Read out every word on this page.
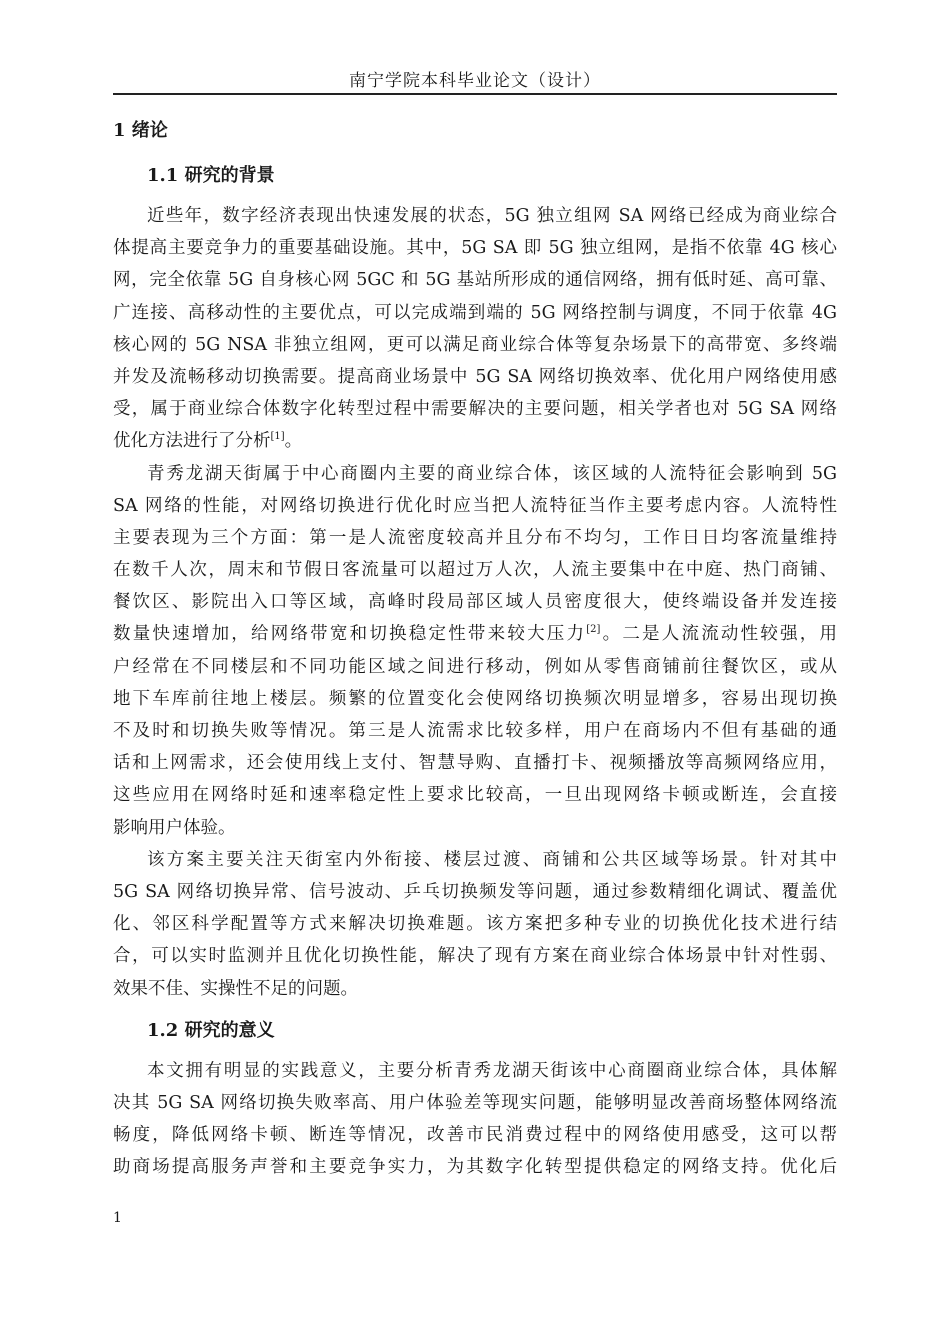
南宁学院本科毕业论文（设计）
1 绪论
1.1 研究的背景
近些年，数字经济表现出快速发展的状态，5G 独立组网 SA 网络已经成为商业综合
体提高主要竞争力的重要基础设施。其中，5G SA 即 5G 独立组网，是指不依靠 4G 核心
网，完全依靠 5G 自身核心网 5GC 和 5G 基站所形成的通信网络，拥有低时延、高可靠、
广连接、高移动性的主要优点，可以完成端到端的 5G 网络控制与调度，不同于依靠 4G
核心网的 5G NSA 非独立组网，更可以满足商业综合体等复杂场景下的高带宽、多终端
并发及流畅移动切换需要。提高商业场景中 5G SA 网络切换效率、优化用户网络使用感
受，属于商业综合体数字化转型过程中需要解决的主要问题，相关学者也对 5G SA 网络
优化方法进行了分析[1]。
青秀龙湖天街属于中心商圈内主要的商业综合体，该区域的人流特征会影响到 5G
SA 网络的性能，对网络切换进行优化时应当把人流特征当作主要考虑内容。人流特性
主要表现为三个方面：第一是人流密度较高并且分布不均匀，工作日日均客流量维持
在数千人次，周末和节假日客流量可以超过万人次，人流主要集中在中庭、热门商铺、
餐饮区、影院出入口等区域，高峰时段局部区域人员密度很大，使终端设备并发连接
数量快速增加，给网络带宽和切换稳定性带来较大压力[2]。二是人流流动性较强，用
户经常在不同楼层和不同功能区域之间进行移动，例如从零售商铺前往餐饮区，或从
地下车库前往地上楼层。频繁的位置变化会使网络切换频次明显增多，容易出现切换
不及时和切换失败等情况。第三是人流需求比较多样，用户在商场内不但有基础的通
话和上网需求，还会使用线上支付、智慧导购、直播打卡、视频播放等高频网络应用，
这些应用在网络时延和速率稳定性上要求比较高，一旦出现网络卡顿或断连，会直接
影响用户体验。
该方案主要关注天街室内外衔接、楼层过渡、商铺和公共区域等场景。针对其中
5G SA 网络切换异常、信号波动、乒乓切换频发等问题，通过参数精细化调试、覆盖优
化、邻区科学配置等方式来解决切换难题。该方案把多种专业的切换优化技术进行结
合，可以实时监测并且优化切换性能，解决了现有方案在商业综合体场景中针对性弱、
效果不佳、实操性不足的问题。
1.2 研究的意义
本文拥有明显的实践意义，主要分析青秀龙湖天街该中心商圈商业综合体，具体解
决其 5G SA 网络切换失败率高、用户体验差等现实问题，能够明显改善商场整体网络流
畅度，降低网络卡顿、断连等情况，改善市民消费过程中的网络使用感受，这可以帮
助商场提高服务声誉和主要竞争实力，为其数字化转型提供稳定的网络支持。优化后
1
